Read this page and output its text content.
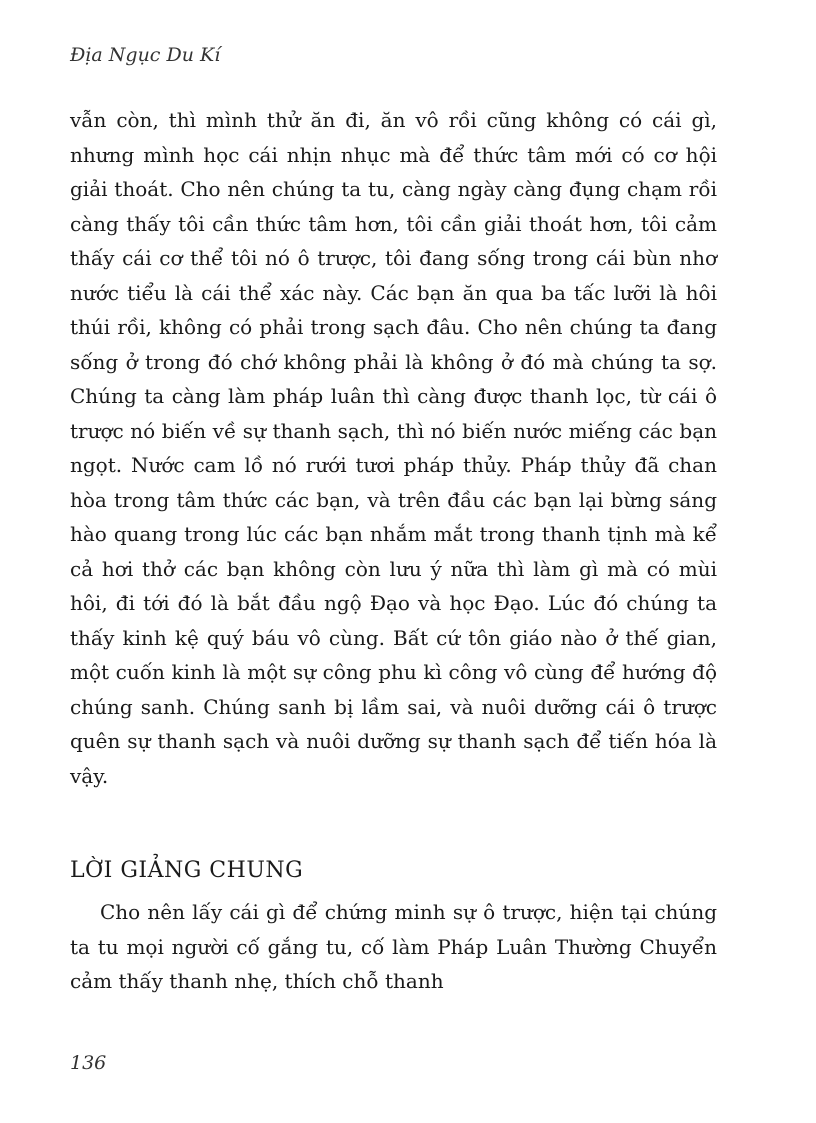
Địa Ngục Du Kí

vẫn còn, thì mình thử ăn đi, ăn vô rồi cũng không có cái gì, nhưng mình học cái nhịn nhục mà để thức tâm mới có cơ hội giải thoát. Cho nên chúng ta tu, càng ngày càng đụng chạm rồi càng thấy tôi cần thức tâm hơn, tôi cần giải thoát hơn, tôi cảm thấy cái cơ thể tôi nó ô trược, tôi đang sống trong cái bùn nhơ nước tiểu là cái thể xác này. Các bạn ăn qua ba tấc lưỡi là hôi thúi rồi, không có phải trong sạch đâu. Cho nên chúng ta đang sống ở trong đó chớ không phải là không ở đó mà chúng ta sợ. Chúng ta càng làm pháp luân thì càng được thanh lọc, từ cái ô trược nó biến về sự thanh sạch, thì nó biến nước miếng các bạn ngọt. Nước cam lồ nó rưới tươi pháp thủy. Pháp thủy đã chan hòa trong tâm thức các bạn, và trên đầu các bạn lại bừng sáng hào quang trong lúc các bạn nhắm mắt trong thanh tịnh mà kể cả hơi thở các bạn không còn lưu ý nữa thì làm gì mà có mùi hôi, đi tới đó là bắt đầu ngộ Đạo và học Đạo. Lúc đó chúng ta thấy kinh kệ quý báu vô cùng. Bất cứ tôn giáo nào ở thế gian, một cuốn kinh là một sự công phu kì công vô cùng để hướng độ chúng sanh. Chúng sanh bị lầm sai, và nuôi dưỡng cái ô trược quên sự thanh sạch và nuôi dưỡng sự thanh sạch để tiến hóa là vậy.

LỜI GIẢNG CHUNG

Cho nên lấy cái gì để chứng minh sự ô trược, hiện tại chúng ta tu mọi người cố gắng tu, cố làm Pháp Luân Thường Chuyển cảm thấy thanh nhẹ, thích chỗ thanh

136
